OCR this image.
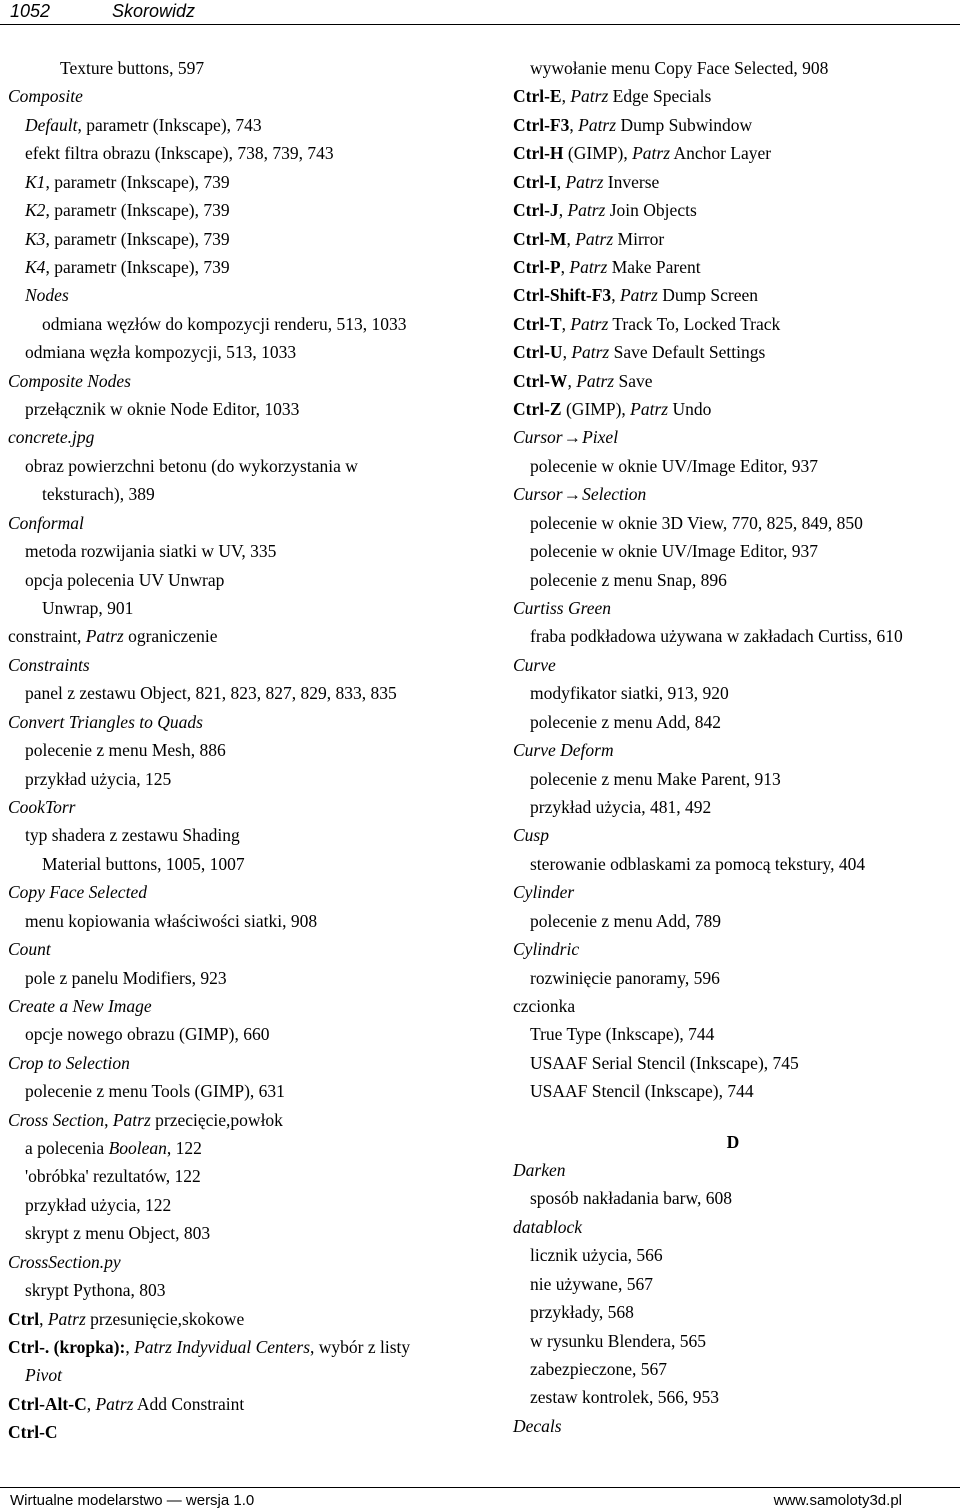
1052	Skorowidz
Texture buttons, 597
Composite
Default, parametr (Inkscape), 743
efekt filtra obrazu (Inkscape), 738, 739, 743
K1, parametr (Inkscape), 739
K2, parametr (Inkscape), 739
K3, parametr (Inkscape), 739
K4, parametr (Inkscape), 739
Nodes
odmiana węzłów do kompozycji renderu, 513, 1033
odmiana węzła kompozycji, 513, 1033
Composite Nodes
przełącznik w oknie Node Editor, 1033
concrete.jpg
obraz powierzchni betonu (do wykorzystania w
teksturach), 389
Conformal
metoda rozwijania siatki w UV, 335
opcja polecenia UV Unwrap
Unwrap, 901
constraint, Patrz ograniczenie
Constraints
panel z zestawu Object, 821, 823, 827, 829, 833, 835
Convert Triangles to Quads
polecenie z menu Mesh, 886
przykład użycia, 125
CookTorr
typ shadera z zestawu Shading
Material buttons, 1005, 1007
Copy Face Selected
menu kopiowania właściwości siatki, 908
Count
pole z panelu Modifiers, 923
Create a New Image
opcje nowego obrazu (GIMP), 660
Crop to Selection
polecenie z menu Tools (GIMP), 631
Cross Section, Patrz przecięcie,powłok
a polecenia Boolean, 122
'obróbka' rezultatów, 122
przykład użycia, 122
skrypt z menu Object, 803
CrossSection.py
skrypt Pythona, 803
Ctrl, Patrz przesunięcie,skokowe
Ctrl-. (kropka):, Patrz Indyvidual Centers, wybór z listy
Pivot
Ctrl-Alt-C, Patrz Add Constraint
Ctrl-C
wywołanie menu Copy Face Selected, 908
Ctrl-E, Patrz Edge Specials
Ctrl-F3, Patrz Dump Subwindow
Ctrl-H (GIMP), Patrz Anchor Layer
Ctrl-I, Patrz Inverse
Ctrl-J, Patrz Join Objects
Ctrl-M, Patrz Mirror
Ctrl-P, Patrz Make Parent
Ctrl-Shift-F3, Patrz Dump Screen
Ctrl-T, Patrz Track To, Locked Track
Ctrl-U, Patrz Save Default Settings
Ctrl-W, Patrz Save
Ctrl-Z (GIMP), Patrz Undo
Cursor→Pixel
polecenie w oknie UV/Image Editor, 937
Cursor→Selection
polecenie w oknie 3D View, 770, 825, 849, 850
polecenie w oknie UV/Image Editor, 937
polecenie z menu Snap, 896
Curtiss Green
fraba podkładowa używana w zakładach Curtiss, 610
Curve
modyfikator siatki, 913, 920
polecenie z menu Add, 842
Curve Deform
polecenie z menu Make Parent, 913
przykład użycia, 481, 492
Cusp
sterowanie odblaskami za pomocą tekstury, 404
Cylinder
polecenie z menu Add, 789
Cylindric
rozwinięcie panoramy, 596
czcionka
True Type (Inkscape), 744
USAAF Serial Stencil (Inkscape), 745
USAAF Stencil (Inkscape), 744
D
Darken
sposób nakładania barw, 608
datablock
licznik użycia, 566
nie używane, 567
przykłady, 568
w rysunku Blendera, 565
zabezpieczone, 567
zestaw kontrolek, 566, 953
Decals
Wirtualne modelarstwo — wersja 1.0	www.samoloty3d.pl
